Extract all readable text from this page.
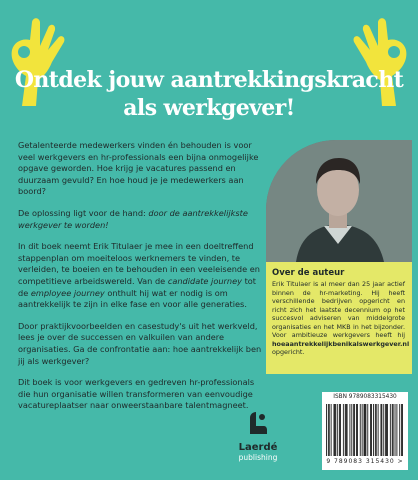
Ontdek jouw aantrekkingskracht
als werkgever!

Getalenteerde medewerkers vinden én behouden is voor veel werkgevers en hr-professionals een bijna onmogelijke opgave geworden. Hoe krijg je vacatures passend en duurzaam gevuld? En hoe houd je je medewerkers aan boord?

De oplossing ligt voor de hand: door de aantrekkelijkste werkgever te worden!

In dit boek neemt Erik Titulaer je mee in een doeltreffend stappenplan om moeiteloos werknemers te vinden, te verleiden, te boeien en te behouden in een veeleisende en competitieve arbeidswereld. Van de candidate journey tot de employee journey onthult hij wat er nodig is om aantrekkelijk te zijn in elke fase en voor alle generaties.

Door praktijkvoorbeelden en casestudy's uit het werkveld, lees je over de successen en valkuilen van andere organisaties. Ga de confrontatie aan: hoe aantrekkelijk ben jij als werkgever?

Dit boek is voor werkgevers en gedreven hr-professionals die hun organisatie willen transformeren van eenvoudige vacatureplaatser naar onweerstaanbare talentmagneet.

Over de auteur

Erik Titulaer is al meer dan 25 jaar actief binnen de hr-marketing. Hij heeft verschillende bedrijven opgericht en richt zich het laatste decennium op het succesvol adviseren van middelgrote organisaties en het MKB in het bijzonder. Voor ambitieuze werkgevers heeft hij hoeaantrekkelijkbenikalswerkgever.nl opgericht.

Laerdé
publishing
ISBN 9789083315430
9 789083 315430 >
